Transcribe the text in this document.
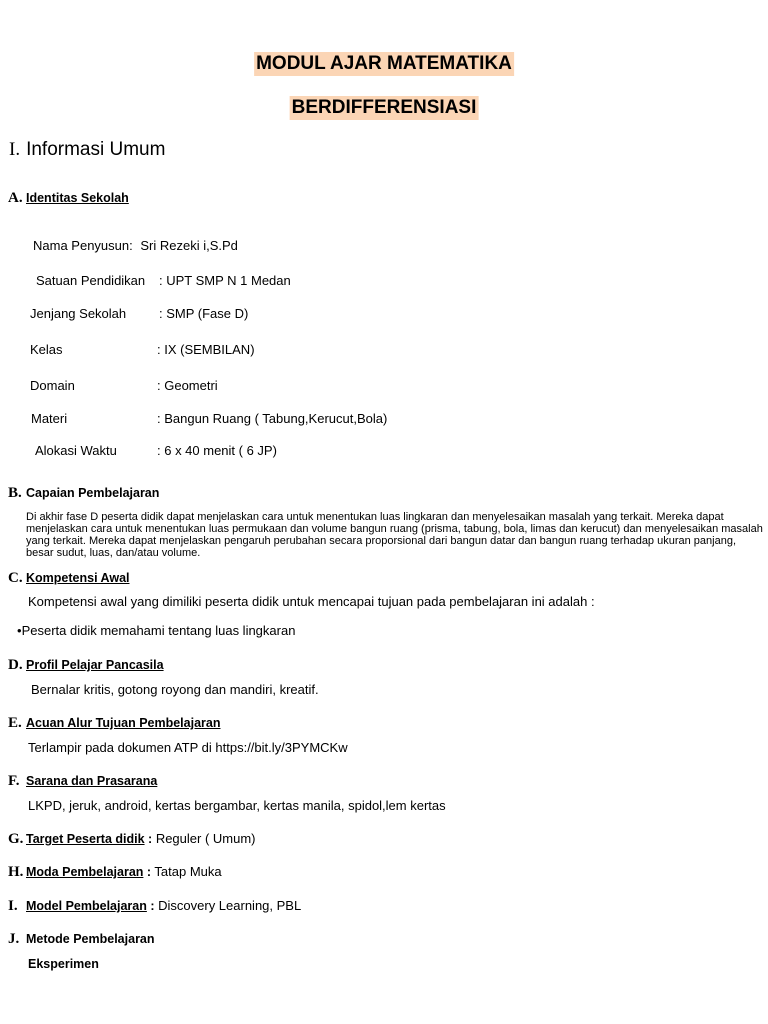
MODUL AJAR MATEMATIKA
BERDIFFERENSIASI
I. Informasi Umum
A. Identitas Sekolah
Nama Penyusun: Sri Rezeki i,S.Pd
Satuan Pendidikan : UPT SMP N 1 Medan
Jenjang Sekolah	: SMP (Fase D)
Kelas	: IX (SEMBILAN)
Domain	: Geometri
Materi	: Bangun Ruang ( Tabung,Kerucut,Bola)
Alokasi Waktu	: 6 x 40 menit ( 6 JP)
B. Capaian Pembelajaran
Di akhir fase D peserta didik dapat menjelaskan cara untuk menentukan luas lingkaran dan menyelesaikan masalah yang terkait. Mereka dapat menjelaskan cara untuk menentukan luas permukaan dan volume bangun ruang (prisma, tabung, bola, limas dan kerucut) dan menyelesaikan masalah yang terkait. Mereka dapat menjelaskan pengaruh perubahan secara proporsional dari bangun datar dan bangun ruang terhadap ukuran panjang, besar sudut, luas, dan/atau volume.
C. Kompetensi Awal
Kompetensi awal yang dimiliki peserta didik untuk mencapai tujuan pada pembelajaran ini adalah :
•Peserta didik memahami tentang luas lingkaran
D. Profil Pelajar Pancasila
Bernalar kritis, gotong royong dan mandiri, kreatif.
E. Acuan Alur Tujuan Pembelajaran
Terlampir pada dokumen ATP di https://bit.ly/3PYMCKw
F. Sarana dan Prasarana
LKPD, jeruk, android, kertas bergambar, kertas manila, spidol,lem kertas
G. Target Peserta didik : Reguler ( Umum)
H. Moda Pembelajaran : Tatap Muka
I. Model Pembelajaran : Discovery Learning, PBL
J. Metode Pembelajaran
Eksperimen
